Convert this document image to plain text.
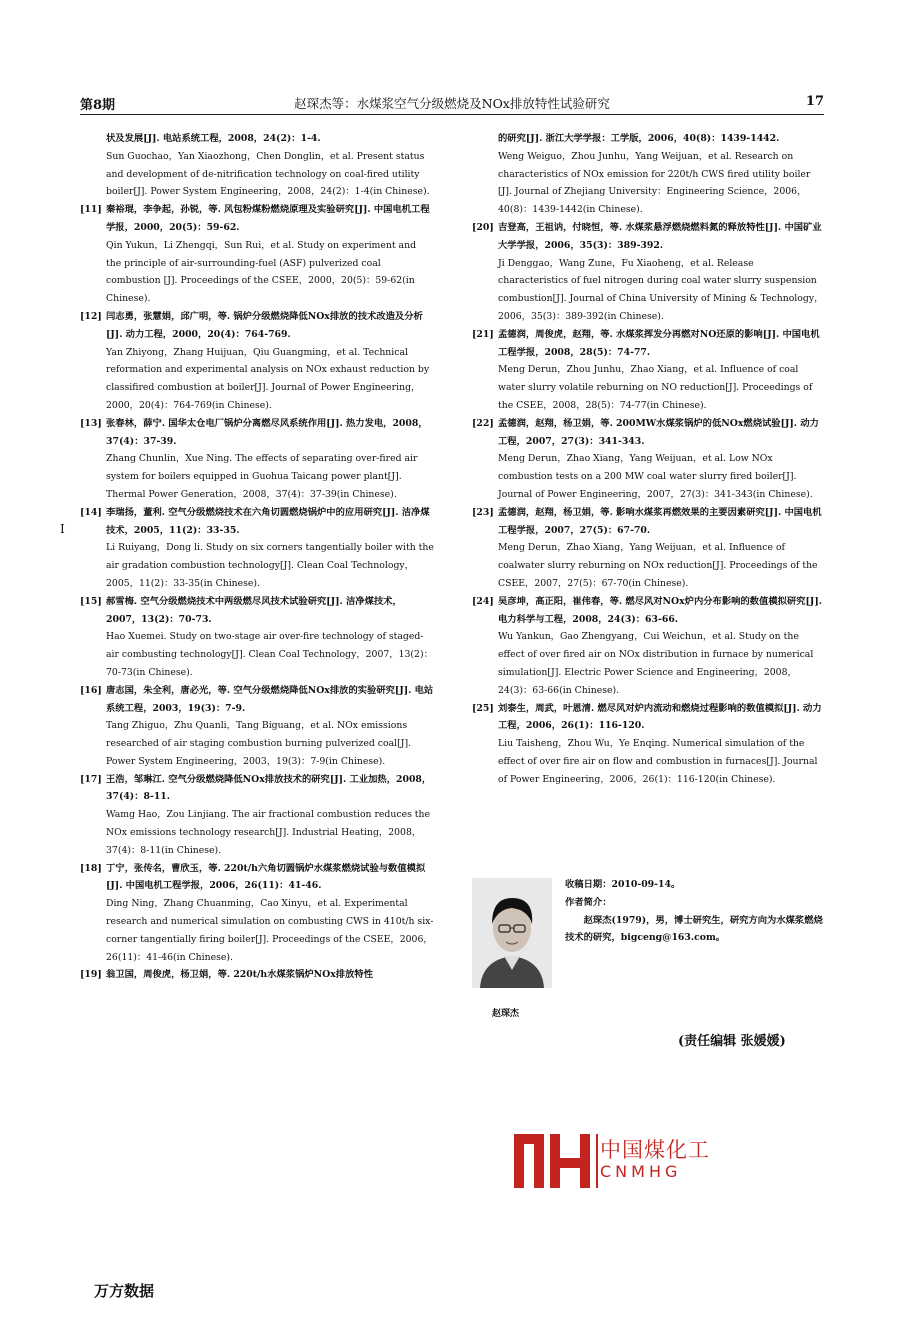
第8期	赵琛杰等：水煤浆空气分级燃烧及NOx排放特性试验研究	17
I
状及发展[J]. 电站系统工程，2008，24(2)：1-4.
Sun Guochao，Yan Xiaozhong，Chen Donglin，et al. Present status and development of de-nitrification technology on coal-fired utility boiler[J]. Power System Engineering，2008，24(2)：1-4(in Chinese).
[11] 秦裕琨，李争起，孙锐，等. 风包粉煤粉燃烧原理及实验研究[J]. 中国电机工程学报，2000，20(5)：59-62.
Qin Yukun，Li Zhengqi，Sun Rui，et al. Study on experiment and the principle of air-surrounding-fuel (ASF) pulverized coal combustion [J]. Proceedings of the CSEE，2000，20(5)：59-62(in Chinese).
[12] 闫志勇，张慧娟，邱广明，等. 锅炉分级燃烧降低NOx排放的技术改造及分析[J]. 动力工程，2000，20(4)：764-769.
Yan Zhiyong，Zhang Huijuan，Qiu Guangming，et al. Technical reformation and experimental analysis on NOx exhaust reduction by classifired combustion at boiler[J]. Journal of Power Engineering，2000，20(4)：764-769(in Chinese).
[13] 张春林，薛宁. 国华太仓电厂锅炉分离燃尽风系统作用[J]. 热力发电，2008，37(4)：37-39.
Zhang Chunlin，Xue Ning. The effects of separating over-fired air system for boilers equipped in Guohua Taicang power plant[J]. Thermal Power Generation，2008，37(4)：37-39(in Chinese).
[14] 李瑞扬，董利. 空气分级燃烧技术在六角切圆燃烧锅炉中的应用研究[J]. 洁净煤技术，2005，11(2)：33-35.
Li Ruiyang，Dong li. Study on six corners tangentially boiler with the air gradation combustion technology[J]. Clean Coal Technology，2005，11(2)：33-35(in Chinese).
[15] 郝雪梅. 空气分级燃烧技术中两级燃尽风技术试验研究[J]. 洁净煤技术，2007，13(2)：70-73.
Hao Xuemei. Study on two-stage air over-fire technology of staged-air combusting technology[J]. Clean Coal Technology，2007，13(2)：70-73(in Chinese).
[16] 唐志国，朱全利，唐必光，等. 空气分级燃烧降低NOx排放的实验研究[J]. 电站系统工程，2003，19(3)：7-9.
Tang Zhiguo，Zhu Quanli，Tang Biguang，et al. NOx emissions researched of air staging combustion burning pulverized coal[J]. Power System Engineering，2003，19(3)：7-9(in Chinese).
[17] 王浩，邹琳江. 空气分级燃烧降低NOx排放技术的研究[J]. 工业加热，2008，37(4)：8-11.
Wamg Hao，Zou Linjiang. The air fractional combustion reduces the NOx emissions technology research[J]. Industrial Heating，2008，37(4)：8-11(in Chinese).
[18] 丁宁，张传名，曹欣玉，等. 220t/h六角切圆锅炉水煤浆燃烧试验与数值模拟[J]. 中国电机工程学报，2006，26(11)：41-46.
Ding Ning，Zhang Chuanming，Cao Xinyu，et al. Experimental research and numerical simulation on combusting CWS in 410t/h six-corner tangentially firing boiler[J]. Proceedings of the CSEE，2006，26(11)：41-46(in Chinese).
[19] 翁卫国，周俊虎，杨卫娟，等. 220t/h水煤浆锅炉NOx排放特性
的研究[J]. 浙江大学学报：工学版，2006，40(8)：1439-1442.
Weng Weiguo，Zhou Junhu，Yang Weijuan，et al. Research on characteristics of NOx emission for 220t/h CWS fired utility boiler [J]. Journal of Zhejiang University：Engineering Science，2006，40(8)：1439-1442(in Chinese).
[20] 吉登高，王祖讷，付晓恒，等. 水煤浆悬浮燃烧燃料氮的释放特性[J]. 中国矿业大学学报，2006，35(3)：389-392.
Ji Denggao，Wang Zune，Fu Xiaoheng，et al. Release characteristics of fuel nitrogen during coal water slurry suspension combustion[J]. Journal of China University of Mining & Technology，2006，35(3)：389-392(in Chinese).
[21] 孟德润，周俊虎，赵翔，等. 水煤浆挥发分再燃对NO还原的影响[J]. 中国电机工程学报，2008，28(5)：74-77.
Meng Derun，Zhou Junhu，Zhao Xiang，et al. Influence of coal water slurry volatile reburning on NO reduction[J]. Proceedings of the CSEE，2008，28(5)：74-77(in Chinese).
[22] 孟德润，赵翔，杨卫娟，等. 200MW水煤浆锅炉的低NOx燃烧试验[J]. 动力工程，2007，27(3)：341-343.
Meng Derun，Zhao Xiang，Yang Weijuan，et al. Low NOx combustion tests on a 200 MW coal water slurry fired boiler[J]. Journal of Power Engineering，2007，27(3)：341-343(in Chinese).
[23] 孟德润，赵翔，杨卫娟，等. 影响水煤浆再燃效果的主要因素研究[J]. 中国电机工程学报，2007，27(5)：67-70.
Meng Derun，Zhao Xiang，Yang Weijuan，et al. Influence of coalwater slurry reburning on NOx reduction[J]. Proceedings of the CSEE，2007，27(5)：67-70(in Chinese).
[24] 吴彦坤，高正阳，崔伟春，等. 燃尽风对NOx炉内分布影响的数值模拟研究[J]. 电力科学与工程，2008，24(3)：63-66.
Wu Yankun，Gao Zhengyang，Cui Weichun，et al. Study on the effect of over fired air on NOx distribution in furnace by numerical simulation[J]. Electric Power Science and Engineering，2008，24(3)：63-66(in Chinese).
[25] 刘泰生，周武，叶恩清. 燃尽风对炉内流动和燃烧过程影响的数值模拟[J]. 动力工程，2006，26(1)：116-120.
Liu Taisheng，Zhou Wu，Ye Enqing. Numerical simulation of the effect of over fire air on flow and combustion in furnaces[J]. Journal of Power Engineering，2006，26(1)：116-120(in Chinese).
赵琛杰
收稿日期：2010-09-14。
作者简介：
赵琛杰(1979)，男，博士研究生，研究方向为水煤浆燃烧技术的研究，bigceng@163.com。
(责任编辑 张媛媛)
中国煤化工
CNMHG
万方数据
